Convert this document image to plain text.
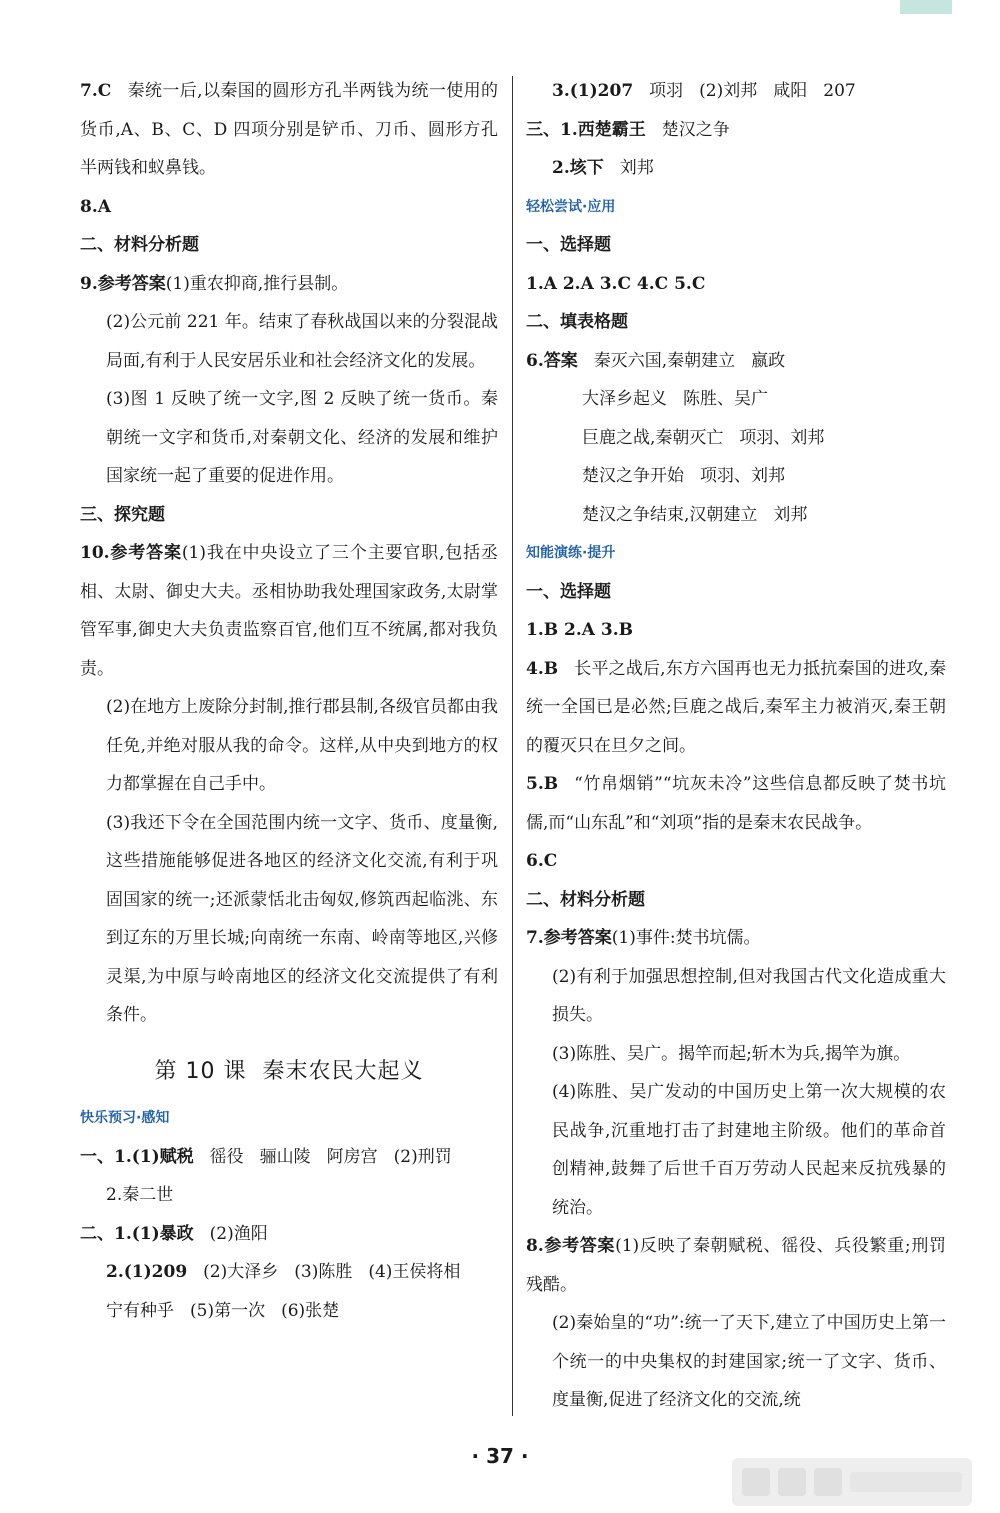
7.C 秦统一后,以秦国的圆形方孔半两钱为统一使用的货币,A、B、C、D 四项分别是铲币、刀币、圆形方孔半两钱和蚁鼻钱。

8.A

二、材料分析题

9.参考答案(1)重农抑商,推行县制。

(2)公元前 221 年。结束了春秋战国以来的分裂混战局面,有利于人民安居乐业和社会经济文化的发展。

(3)图 1 反映了统一文字,图 2 反映了统一货币。秦朝统一文字和货币,对秦朝文化、经济的发展和维护国家统一起了重要的促进作用。

三、探究题

10.参考答案(1)我在中央设立了三个主要官职,包括丞相、太尉、御史大夫。丞相协助我处理国家政务,太尉掌管军事,御史大夫负责监察百官,他们互不统属,都对我负责。

(2)在地方上废除分封制,推行郡县制,各级官员都由我任免,并绝对服从我的命令。这样,从中央到地方的权力都掌握在自己手中。

(3)我还下令在全国范围内统一文字、货币、度量衡,这些措施能够促进各地区的经济文化交流,有利于巩固国家的统一;还派蒙恬北击匈奴,修筑西起临洮、东到辽东的万里长城;向南统一东南、岭南等地区,兴修灵渠,为中原与岭南地区的经济文化交流提供了有利条件。

第 10 课 秦末农民大起义

快乐预习·感知

一、1.(1)赋税 徭役 骊山陵 阿房宫 (2)刑罚

2.秦二世

二、1.(1)暴政 (2)渔阳

2.(1)209 (2)大泽乡 (3)陈胜 (4)王侯将相

宁有种乎 (5)第一次 (6)张楚

3.(1)207 项羽 (2)刘邦 咸阳 207

三、1.西楚霸王 楚汉之争

2.垓下 刘邦

轻松尝试·应用

一、选择题

1.A 2.A 3.C 4.C 5.C

二、填表格题

6.答案 秦灭六国,秦朝建立 嬴政

大泽乡起义 陈胜、吴广

巨鹿之战,秦朝灭亡 项羽、刘邦

楚汉之争开始 项羽、刘邦

楚汉之争结束,汉朝建立 刘邦

知能演练·提升

一、选择题

1.B 2.A 3.B

4.B 长平之战后,东方六国再也无力抵抗秦国的进攻,秦统一全国已是必然;巨鹿之战后,秦军主力被消灭,秦王朝的覆灭只在旦夕之间。

5.B “竹帛烟销”“坑灰未冷”这些信息都反映了焚书坑儒,而“山东乱”和“刘项”指的是秦末农民战争。

6.C

二、材料分析题

7.参考答案(1)事件:焚书坑儒。

(2)有利于加强思想控制,但对我国古代文化造成重大损失。

(3)陈胜、吴广。揭竿而起;斩木为兵,揭竿为旗。

(4)陈胜、吴广发动的中国历史上第一次大规模的农民战争,沉重地打击了封建地主阶级。他们的革命首创精神,鼓舞了后世千百万劳动人民起来反抗残暴的统治。

8.参考答案(1)反映了秦朝赋税、徭役、兵役繁重;刑罚残酷。

(2)秦始皇的“功”:统一了天下,建立了中国历史上第一个统一的中央集权的封建国家;统一了文字、货币、度量衡,促进了经济文化的交流,统

· 37 ·
